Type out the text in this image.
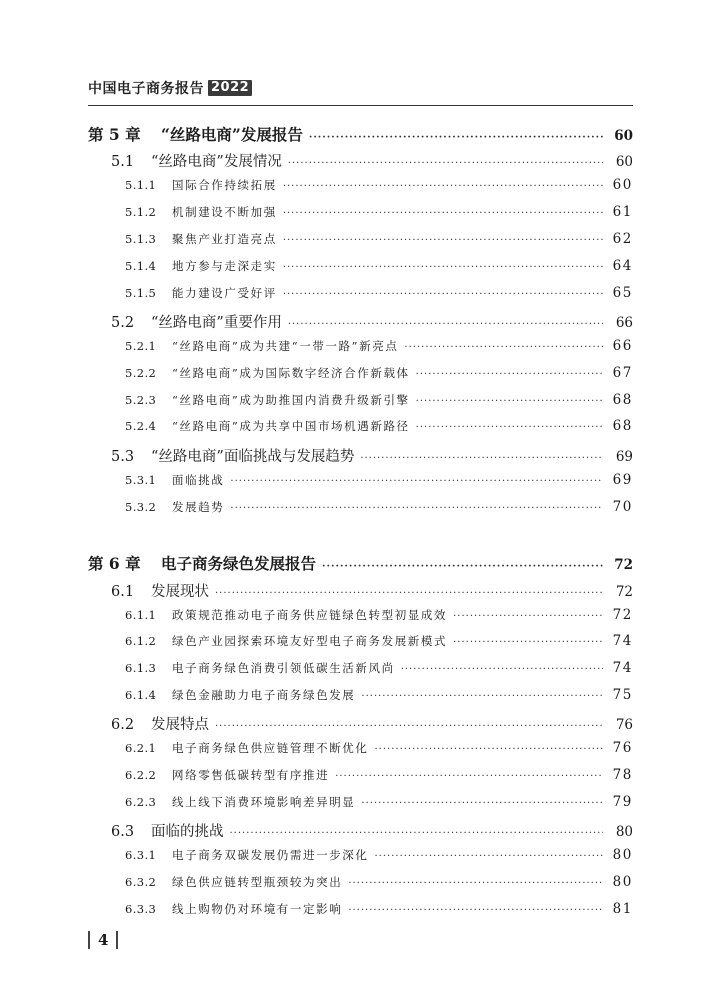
中国电子商务报告 2022
第 5 章	“丝路电商”发展报告 ·····	60
5.1	“丝路电商”发展情况 ·····	60
5.1.1	国际合作持续拓展 ·····	60
5.1.2	机制建设不断加强 ·····	61
5.1.3	聚焦产业打造亮点 ·····	62
5.1.4	地方参与走深走实 ·····	64
5.1.5	能力建设广受好评 ·····	65
5.2	“丝路电商”重要作用 ·····	66
5.2.1	“丝路电商”成为共建“一带一路”新亮点 ·····	66
5.2.2	“丝路电商”成为国际数字经济合作新载体 ·····	67
5.2.3	“丝路电商”成为助推国内消费升级新引擎 ·····	68
5.2.4	“丝路电商”成为共享中国市场机遇新路径 ·····	68
5.3	“丝路电商”面临挑战与发展趋势 ·····	69
5.3.1	面临挑战 ·····	69
5.3.2	发展趋势 ·····	70
第 6 章	电子商务绿色发展报告 ·····	72
6.1	发展现状 ·····	72
6.1.1	政策规范推动电子商务供应链绿色转型初显成效 ·····	72
6.1.2	绿色产业园探索环境友好型电子商务发展新模式 ·····	74
6.1.3	电子商务绿色消费引领低碳生活新风尚 ·····	74
6.1.4	绿色金融助力电子商务绿色发展 ·····	75
6.2	发展特点 ·····	76
6.2.1	电子商务绿色供应链管理不断优化 ·····	76
6.2.2	网络零售低碳转型有序推进 ·····	78
6.2.3	线上线下消费环境影响差异明显 ·····	79
6.3	面临的挑战 ·····	80
6.3.1	电子商务双碳发展仍需进一步深化 ·····	80
6.3.2	绿色供应链转型瓶颈较为突出 ·····	80
6.3.3	线上购物仍对环境有一定影响 ·····	81
4
